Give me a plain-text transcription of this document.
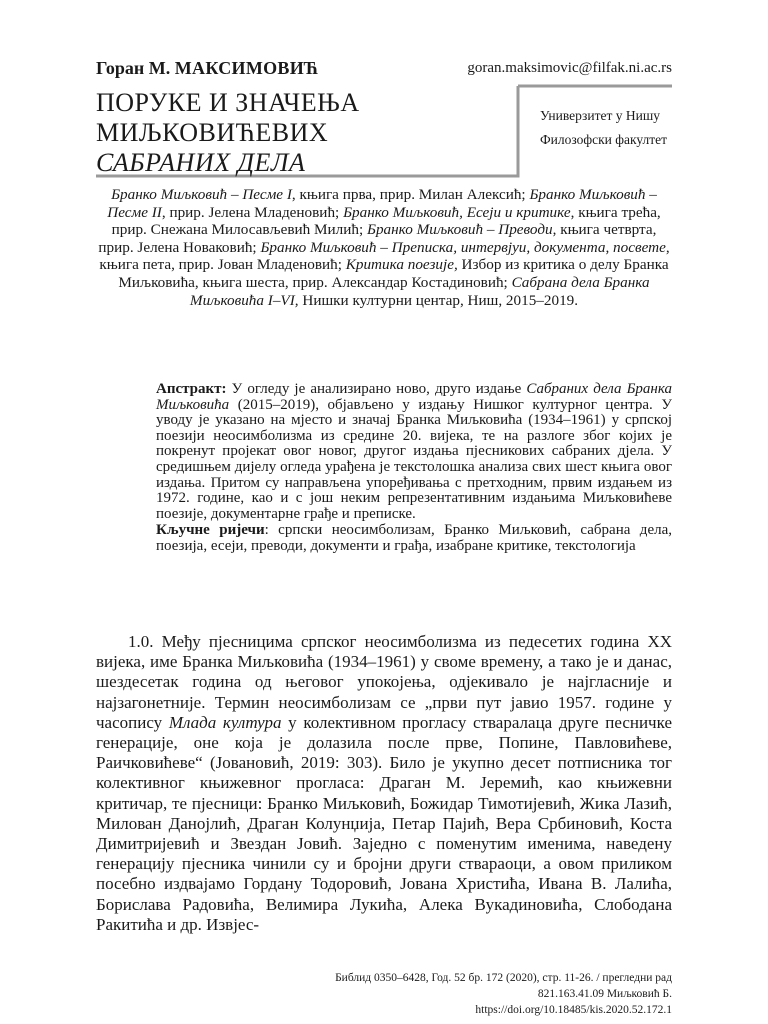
Горан М. МАКСИМОВИЋ	goran.maksimovic@filfak.ni.ac.rs
ПОРУКЕ И ЗНАЧЕЊА
МИЉКОВИЋЕВИХ
САБРАНИХ ДЕЛА
Универзитет у Нишу
Филозофски факултет
Бранко Миљковић – Песме I, књига прва, прир. Милан Алексић; Бранко Миљковић – Песме II, прир. Јелена Младеновић; Бранко Миљковић, Есеји и критике, књига трећа, прир. Снежана Милосављевић Милић; Бранко Миљковић – Преводи, књига четврта, прир. Јелена Новаковић; Бранко Миљковић – Преписка, интервјуи, документа, посвете, књига пета, прир. Јован Младеновић; Критика поезије, Избор из критика о делу Бранка Миљковића, књига шеста, прир. Александар Костадиновић; Сабрана дела Бранка Миљковића I–VI, Нишки културни центар, Ниш, 2015–2019.

Апстракт: У огледу је анализирано ново, друго издање Сабраних дела Бранка Миљковића (2015–2019), објављено у издању Нишког културног центра. У уводу је указано на мјесто и значај Бранка Миљковића (1934–1961) у српској поезији неосимболизма из средине 20. вијека, те на разлоге због којих је покренут пројекат овог новог, другог издања пјесникових сабраних дјела. У средишњем дијелу огледа урађена је текстолошка анализа свих шест књига овог издања. Притом су направљена упоређивања с претходним, првим издањем из 1972. године, као и с још неким репрезентативним издањима Миљковићеве поезије, документарне грађе и преписке.

Кључне ријечи: српски неосимболизам, Бранко Миљковић, сабрана дела, поезија, есеји, преводи, документи и грађа, изабране критике, текстологија

1.0. Међу пјесницима српског неосимболизма из педесетих година XX вијека, име Бранка Миљковића (1934–1961) у своме времену, а тако је и данас, шездесетак година од његовог упокојења, одјекивало је најгласније и најзагонетније. Термин неосимболизам се „први пут јавио 1957. године у часопису Млада култура у колективном прогласу стваралаца друге песничке генерације, оне која је долазила после прве, Попине, Павловићеве, Раичковићеве“ (Јовановић, 2019: 303). Било је укупно десет потписника тог колективног књижевног прогласа: Драган М. Јеремић, као књижевни критичар, те пјесници: Бранко Миљковић, Божидар Тимотијевић, Жика Лазић, Милован Данојлић, Драган Колунџија, Петар Пајић, Вера Србиновић, Коста Димитријевић и Звездан Јовић. Заједно с поменутим именима, наведену генерацију пјесника чинили су и бројни други ствараоци, а овом приликом посебно издвајамо Гордану Тодоровић, Јована Христића, Ивана В. Лалића, Борислава Радовића, Велимира Лукића, Алека Вукадиновића, Слободана Ракитића и др. Извјес-

Библид 0350–6428, Год. 52 бр. 172 (2020), стр. 11-26. / прегледни рад
821.163.41.09 Миљковић Б.
https://doi.org/10.18485/kis.2020.52.172.1
